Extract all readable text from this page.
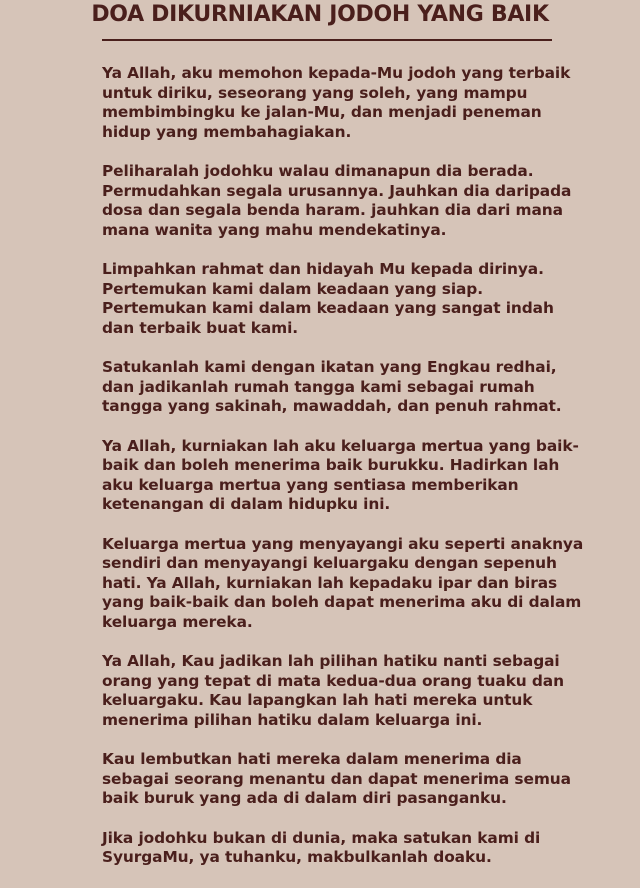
DOA DIKURNIAKAN JODOH YANG BAIK

Ya Allah, aku memohon kepada-Mu jodoh yang terbaik
untuk diriku, seseorang yang soleh, yang mampu
membimbingku ke jalan-Mu, dan menjadi peneman
hidup yang membahagiakan.

Peliharalah jodohku walau dimanapun dia berada.
Permudahkan segala urusannya. Jauhkan dia daripada
dosa dan segala benda haram. jauhkan dia dari mana
mana wanita yang mahu mendekatinya.

Limpahkan rahmat dan hidayah Mu kepada dirinya.
Pertemukan kami dalam keadaan yang siap.
Pertemukan kami dalam keadaan yang sangat indah
dan terbaik buat kami.

Satukanlah kami dengan ikatan yang Engkau redhai,
dan jadikanlah rumah tangga kami sebagai rumah
tangga yang sakinah, mawaddah, dan penuh rahmat.

Ya Allah, kurniakan lah aku keluarga mertua yang baik-
baik dan boleh menerima baik burukku. Hadirkan lah
aku keluarga mertua yang sentiasa memberikan
ketenangan di dalam hidupku ini.

Keluarga mertua yang menyayangi aku seperti anaknya
sendiri dan menyayangi keluargaku dengan sepenuh
hati. Ya Allah, kurniakan lah kepadaku ipar dan biras
yang baik-baik dan boleh dapat menerima aku di dalam
keluarga mereka.

Ya Allah, Kau jadikan lah pilihan hatiku nanti sebagai
orang yang tepat di mata kedua-dua orang tuaku dan
keluargaku. Kau lapangkan lah hati mereka untuk
menerima pilihan hatiku dalam keluarga ini.

Kau lembutkan hati mereka dalam menerima dia
sebagai seorang menantu dan dapat menerima semua
baik buruk yang ada di dalam diri pasanganku.

Jika jodohku bukan di dunia, maka satukan kami di
SyurgaMu, ya tuhanku, makbulkanlah doaku.
